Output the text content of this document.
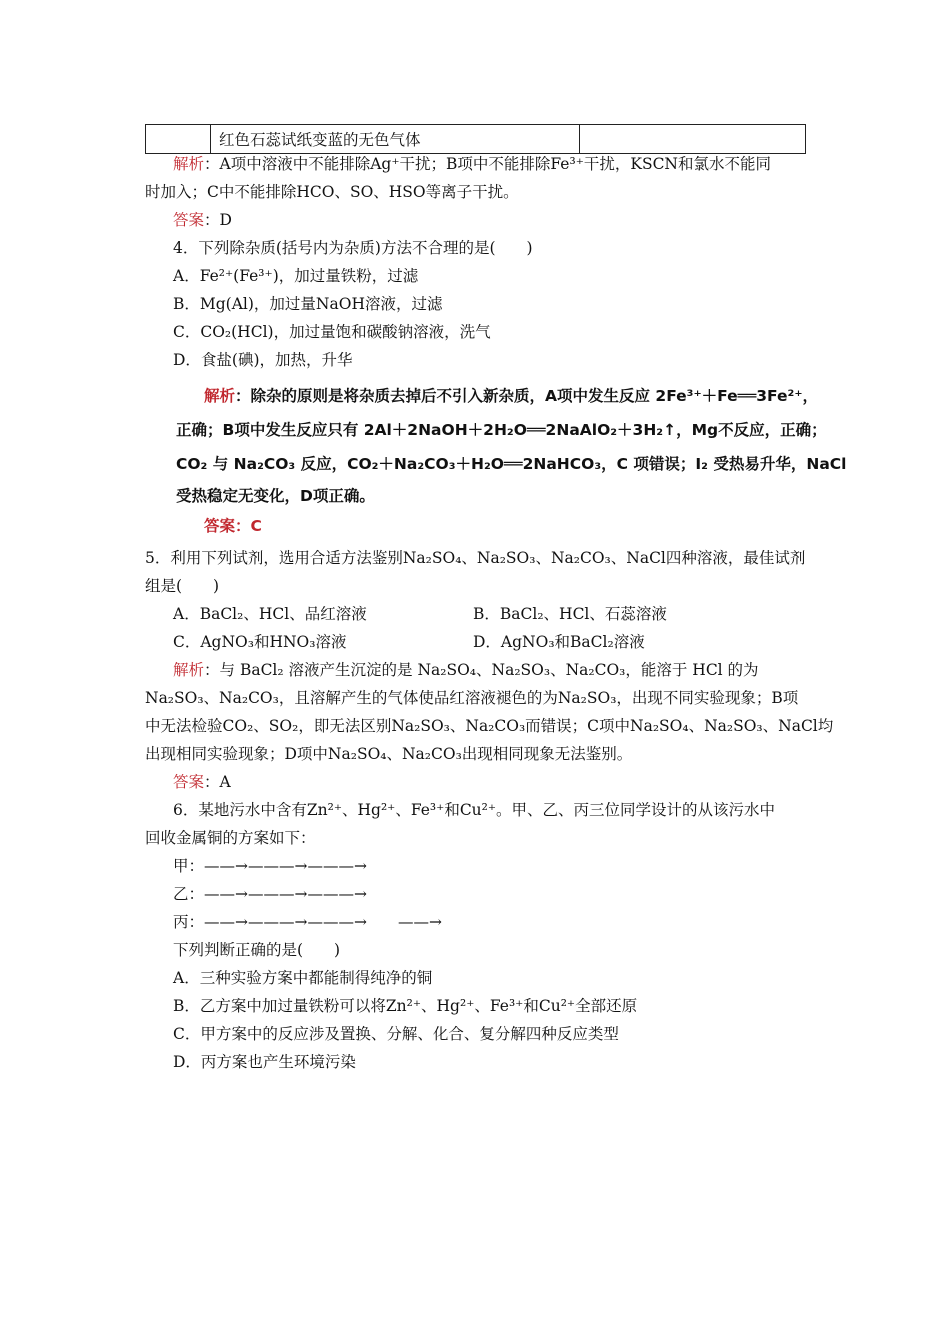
	红色石蕊试纸变蓝的无色气体	
解析：A项中溶液中不能排除Ag⁺干扰；B项中不能排除Fe³⁺干扰，KSCN和氯水不能同
时加入；C中不能排除HCO、SO、HSO等离子干扰。
答案：D
4．下列除杂质(括号内为杂质)方法不合理的是(　　)
A．Fe²⁺(Fe³⁺)，加过量铁粉，过滤
B．Mg(Al)，加过量NaOH溶液，过滤
C．CO₂(HCl)，加过量饱和碳酸钠溶液，洗气
D．食盐(碘)，加热，升华
解析：除杂的原则是将杂质去掉后不引入新杂质，A项中发生反应 2Fe³⁺＋Fe══3Fe²⁺，
正确；B项中发生反应只有 2Al＋2NaOH＋2H₂O══2NaAlO₂＋3H₂↑，Mg不反应，正确；
CO₂ 与 Na₂CO₃ 反应，CO₂＋Na₂CO₃＋H₂O══2NaHCO₃，C 项错误；I₂ 受热易升华，NaCl
受热稳定无变化，D项正确。
答案：C
5．利用下列试剂，选用合适方法鉴别Na₂SO₄、Na₂SO₃、Na₂CO₃、NaCl四种溶液，最佳试剂
组是(　　)
A．BaCl₂、HCl、品红溶液	B．BaCl₂、HCl、石蕊溶液
C．AgNO₃和HNO₃溶液	D．AgNO₃和BaCl₂溶液
解析：与 BaCl₂ 溶液产生沉淀的是 Na₂SO₄、Na₂SO₃、Na₂CO₃，能溶于 HCl 的为
Na₂SO₃、Na₂CO₃，且溶解产生的气体使品红溶液褪色的为Na₂SO₃，出现不同实验现象；B项
中无法检验CO₂、SO₂，即无法区别Na₂SO₃、Na₂CO₃而错误；C项中Na₂SO₄、Na₂SO₃、NaCl均
出现相同实验现象；D项中Na₂SO₄、Na₂CO₃出现相同现象无法鉴别。
答案：A
6．某地污水中含有Zn²⁺、Hg²⁺、Fe³⁺和Cu²⁺。甲、乙、丙三位同学设计的从该污水中
回收金属铜的方案如下：
甲：——→———→———→
乙：——→———→———→
丙：——→———→———→　　——→
下列判断正确的是(　　)
A．三种实验方案中都能制得纯净的铜
B．乙方案中加过量铁粉可以将Zn²⁺、Hg²⁺、Fe³⁺和Cu²⁺全部还原
C．甲方案中的反应涉及置换、分解、化合、复分解四种反应类型
D．丙方案也产生环境污染
